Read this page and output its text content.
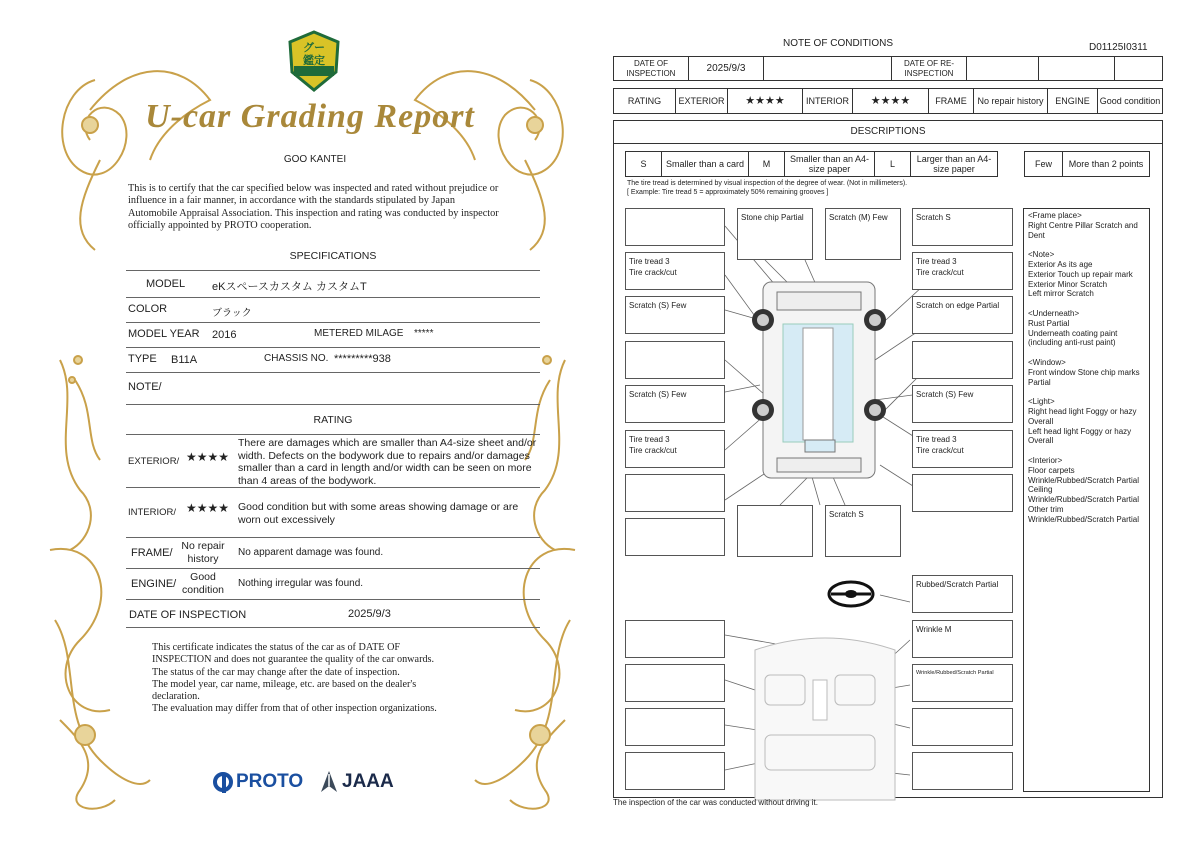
グー
鑑定
U-car Grading Report
GOO KANTEI
This is to certify that the car specified below was inspected and rated without prejudice or influence in a fair manner, in accordance with the standards stipulated by Japan Automobile Appraisal Association. This inspection and rating was conducted by inspector officially appointed by PROTO cooperation.
SPECIFICATIONS
MODEL eKスペースカスタム カスタムT
COLOR	ブラック
MODEL YEAR 2016	METERED MILAGE *****
TYPE B11A	CHASSIS NO. *********938
NOTE/
RATING
EXTERIOR/ ★★★★
There are damages which are smaller than A4-size sheet and/or width. Defects on the bodywork due to repairs and/or damages smaller than a card in length and/or width can be seen on more than 4 areas of the bodywork.
INTERIOR/ ★★★★ Good condition but with some areas showing damage or are worn out excessively
FRAME/
No repair history	No apparent damage was found.
ENGINE/
Good condition	Nothing irregular was found.
DATE OF INSPECTION	2025/9/3
This certificate indicates the status of the car as of DATE OF
INSPECTION and does not guarantee the quality of the car onwards.
The status of the car may change after the date of inspection.
The model year, car name, mileage, etc. are based on the dealer's
declaration.
The evaluation may differ from that of other inspection organizations.
PROTO JAAA
NOTE OF CONDITIONS	D01125I0311
DATE OF INSPECTION	2025/9/3	DATE OF RE-INSPECTION
RATING	EXTERIOR	★★★★	INTERIOR	★★★★	FRAME	No repair history	ENGINE	Good condition
DESCRIPTIONS
S	Smaller than a card	M	Smaller than an A4-size paper	L	Larger than an A4-size paper	Few	More than 2 points
The tire tread is determined by visual inspection of the degree of wear. (Not in millimeters).
[ Example: Tire tread 5 = approximately 50% remaining grooves ]
Stone chip Partial	Scratch (M) Few	Scratch S
Tire tread 3
Tire crack/cut
Tire tread 3
Tire crack/cut
Scratch (S) Few	Scratch on edge Partial
Scratch (S) Few	Scratch (S) Few
Tire tread 3
Tire crack/cut
Tire tread 3
Tire crack/cut
Scratch S
Rubbed/Scratch Partial
Wrinkle M
Wrinkle/Rubbed/Scratch Partial
<Frame place>
Right Centre Pillar Scratch and Dent

<Note>
Exterior As its age
Exterior Touch up repair mark
Exterior Minor Scratch
Left mirror Scratch

<Underneath>
Rust Partial
Underneath coating paint (including anti-rust paint)

<Window>
Front window Stone chip marks Partial

<Light>
Right head light Foggy or hazy Overall
Left head light Foggy or hazy Overall

<Interior>
Floor carpets
Wrinkle/Rubbed/Scratch Partial
Ceiling
Wrinkle/Rubbed/Scratch Partial
Other trim
Wrinkle/Rubbed/Scratch Partial
The inspection of the car was conducted without driving it.
